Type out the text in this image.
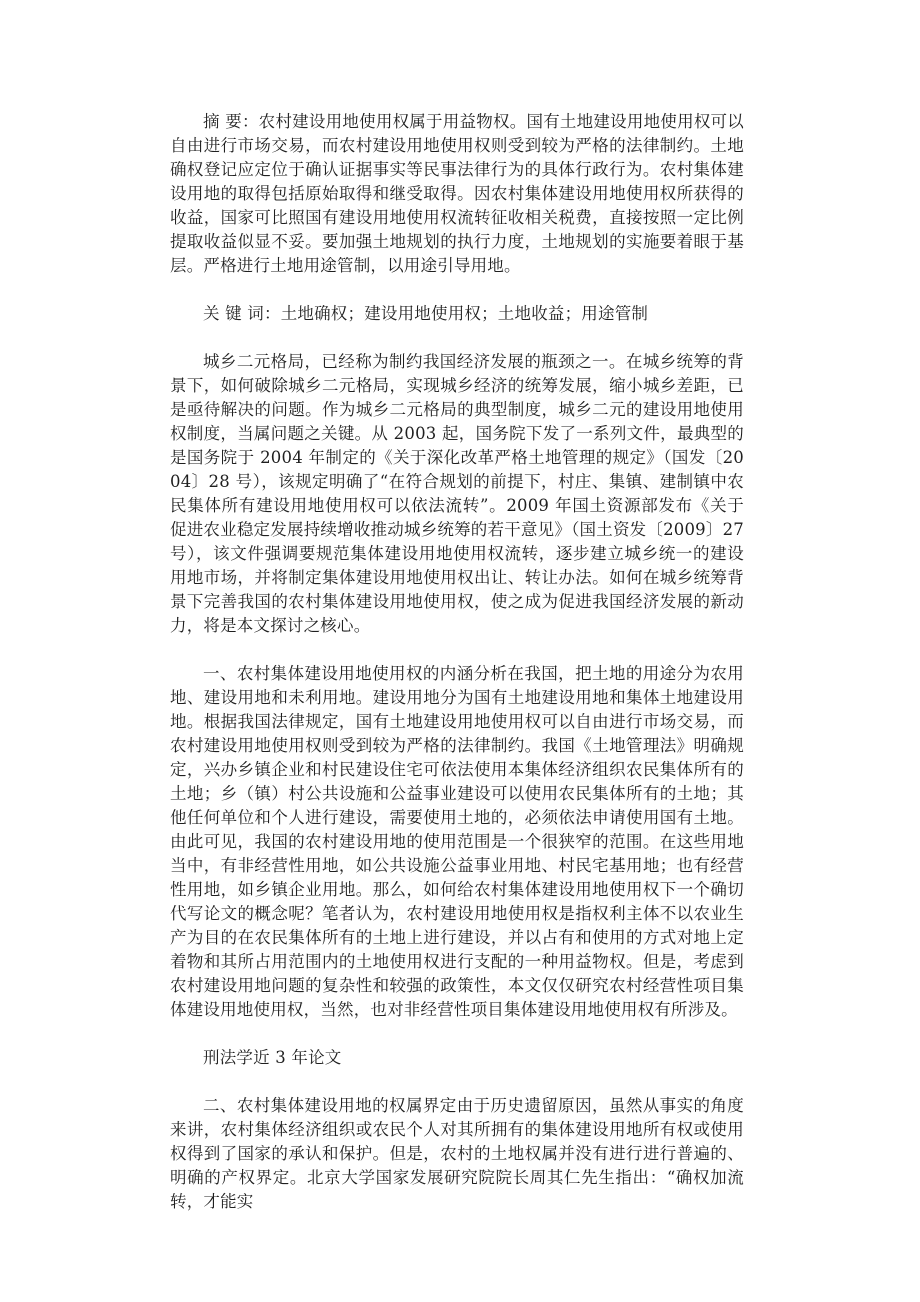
摘 要：农村建设用地使用权属于用益物权。国有土地建设用地使用权可以自由进行市场交易，而农村建设用地使用权则受到较为严格的法律制约。土地确权登记应定位于确认证据事实等民事法律行为的具体行政行为。农村集体建设用地的取得包括原始取得和继受取得。因农村集体建设用地使用权所获得的收益，国家可比照国有建设用地使用权流转征收相关税费，直接按照一定比例提取收益似显不妥。要加强土地规划的执行力度，土地规划的实施要着眼于基层。严格进行土地用途管制，以用途引导用地。

关 键 词：土地确权；建设用地使用权；土地收益；用途管制

城乡二元格局，已经称为制约我国经济发展的瓶颈之一。在城乡统筹的背景下，如何破除城乡二元格局，实现城乡经济的统筹发展，缩小城乡差距，已是亟待解决的问题。作为城乡二元格局的典型制度，城乡二元的建设用地使用权制度，当属问题之关键。从 2003 起，国务院下发了一系列文件，最典型的是国务院于 2004 年制定的《关于深化改革严格土地管理的规定》（国发〔2004〕28 号），该规定明确了“在符合规划的前提下，村庄、集镇、建制镇中农民集体所有建设用地使用权可以依法流转”。2009 年国土资源部发布《关于促进农业稳定发展持续增收推动城乡统筹的若干意见》（国土资发〔2009〕27 号），该文件强调要规范集体建设用地使用权流转，逐步建立城乡统一的建设用地市场，并将制定集体建设用地使用权出让、转让办法。如何在城乡统筹背景下完善我国的农村集体建设用地使用权，使之成为促进我国经济发展的新动力，将是本文探讨之核心。

一、农村集体建设用地使用权的内涵分析在我国，把土地的用途分为农用地、建设用地和未利用地。建设用地分为国有土地建设用地和集体土地建设用地。根据我国法律规定，国有土地建设用地使用权可以自由进行市场交易，而农村建设用地使用权则受到较为严格的法律制约。我国《土地管理法》明确规定，兴办乡镇企业和村民建设住宅可依法使用本集体经济组织农民集体所有的土地；乡（镇）村公共设施和公益事业建设可以使用农民集体所有的土地；其他任何单位和个人进行建设，需要使用土地的，必须依法申请使用国有土地。由此可见，我国的农村建设用地的使用范围是一个很狭窄的范围。在这些用地当中，有非经营性用地，如公共设施公益事业用地、村民宅基用地；也有经营性用地，如乡镇企业用地。那么，如何给农村集体建设用地使用权下一个确切代写论文的概念呢？笔者认为，农村建设用地使用权是指权利主体不以农业生产为目的在农民集体所有的土地上进行建设，并以占有和使用的方式对地上定着物和其所占用范围内的土地使用权进行支配的一种用益物权。但是，考虑到农村建设用地问题的复杂性和较强的政策性，本文仅仅研究农村经营性项目集体建设用地使用权，当然，也对非经营性项目集体建设用地使用权有所涉及。

刑法学近 3 年论文

二、农村集体建设用地的权属界定由于历史遗留原因，虽然从事实的角度来讲，农村集体经济组织或农民个人对其所拥有的集体建设用地所有权或使用权得到了国家的承认和保护。但是，农村的土地权属并没有进行进行普遍的、明确的产权界定。北京大学国家发展研究院院长周其仁先生指出：“确权加流转，才能实
